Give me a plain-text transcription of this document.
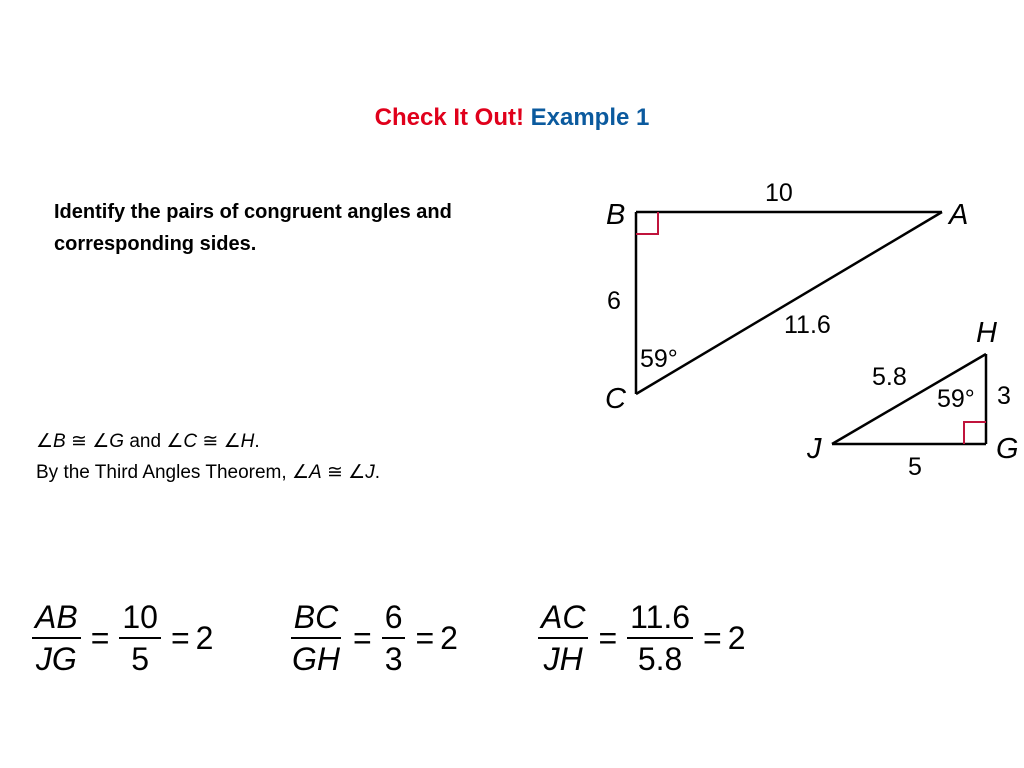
Check It Out! Example 1
Identify the pairs of congruent angles and corresponding sides.
B	A
C
10
6
11.6
59°
H
J	G
5.8
3
5
59°
∠B ≅ ∠G and ∠C ≅ ∠H.
By the Third Angles Theorem, ∠A ≅ ∠J.
$\frac{AB}{JG} = \frac{10}{5} = 2 \frac{BC}{GH} = \frac{6}{3} = 2$	$\frac{AC}{JH} = \frac{11.6}{5.8} = 2$
